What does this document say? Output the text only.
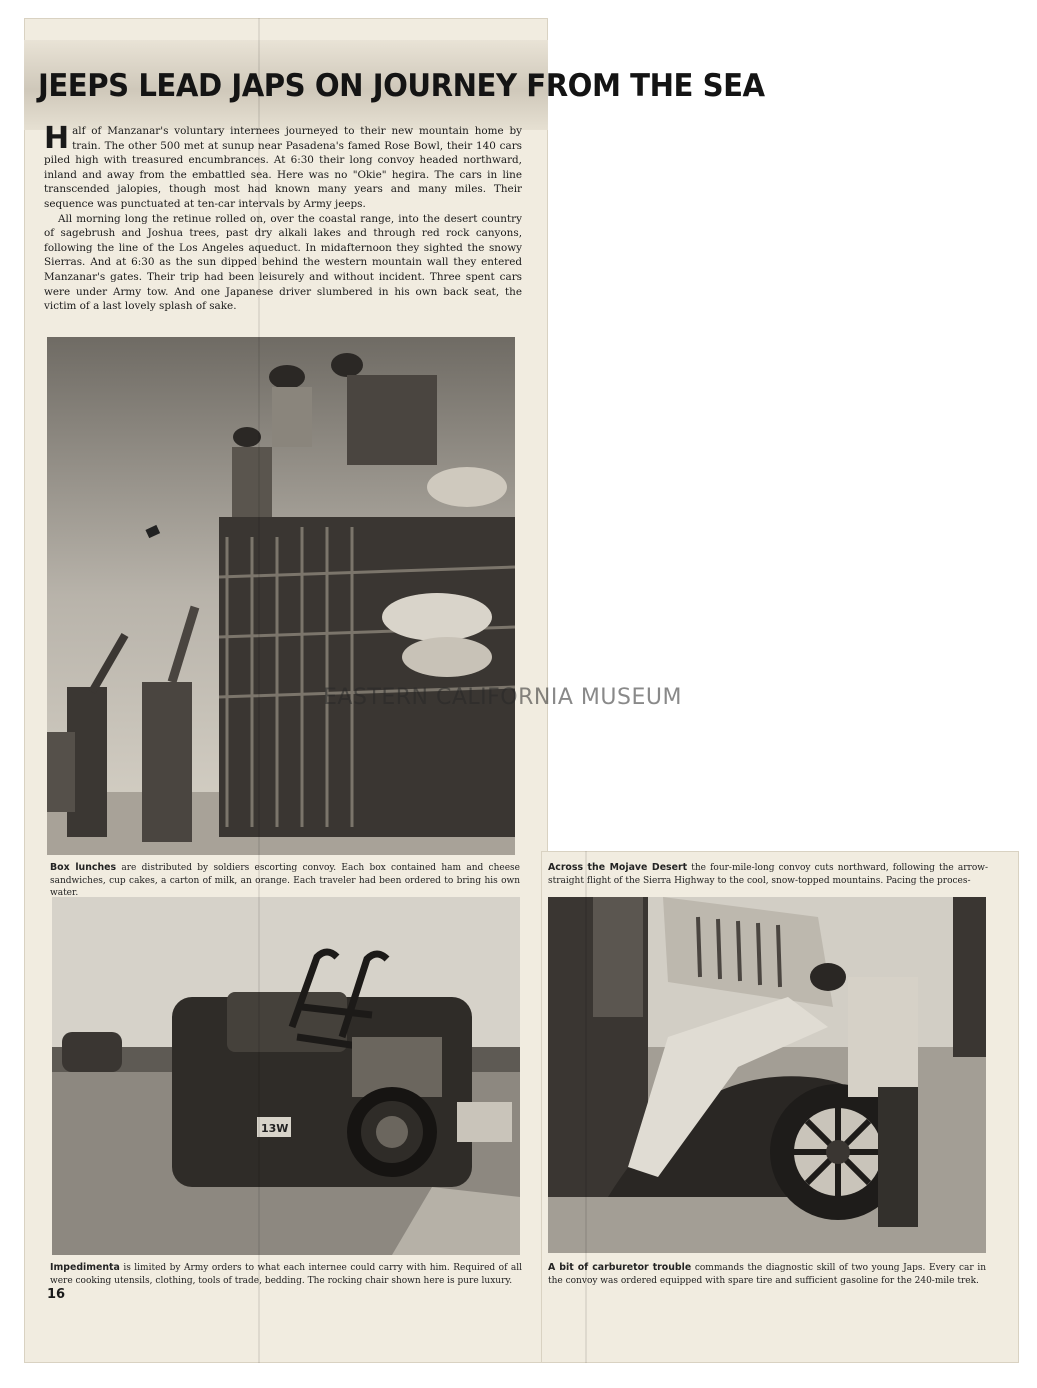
JEEPS LEAD JAPS ON JOURNEY FROM THE SEA

Half of Manzanar's voluntary internees journeyed to their new mountain home by train. The other 500 met at sunup near Pasadena's famed Rose Bowl, their 140 cars piled high with treasured encumbrances. At 6:30 their long convoy headed northward, inland and away from the embattled sea. Here was no "Okie" hegira. The cars in line transcended jalopies, though most had known many years and many miles. Their sequence was punctuated at ten-car intervals by Army jeeps.

All morning long the retinue rolled on, over the coastal range, into the desert country of sagebrush and Joshua trees, past dry alkali lakes and through red rock canyons, following the line of the Los Angeles aqueduct. In midafternoon they sighted the snowy Sierras. And at 6:30 as the sun dipped behind the western mountain wall they entered Manzanar's gates. Their trip had been leisurely and without incident. Three spent cars were under Army tow. And one Japanese driver slumbered in his own back seat, the victim of a last lovely splash of sake.

13W
Box lunches are distributed by soldiers escorting convoy. Each box contained ham and cheese sandwiches, cup cakes, a carton of milk, an orange. Each traveler had been ordered to bring his own water.
Impedimenta is limited by Army orders to what each internee could carry with him. Required of all were cooking utensils, clothing, tools of trade, bedding. The rocking chair shown here is pure luxury.
Across the Mojave Desert the four-mile-long convoy cuts northward, following the arrow-straight flight of the Sierra Highway to the cool, snow-topped mountains. Pacing the proces-
A bit of carburetor trouble commands the diagnostic skill of two young Japs. Every car in the convoy was ordered equipped with spare tire and sufficient gasoline for the 240-mile trek.
16
EASTERN CALIFORNIA MUSEUM
